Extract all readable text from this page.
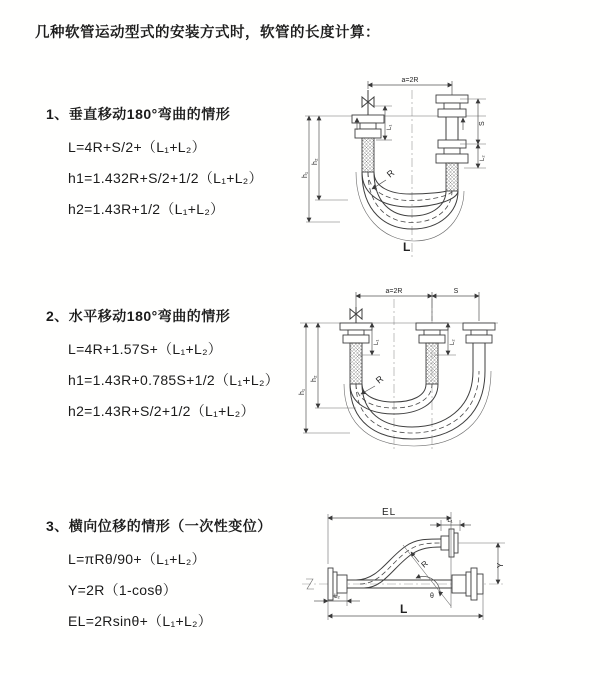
几种软管运动型式的安装方式时，软管的长度计算：
1、垂直移动180°弯曲的情形
L=4R+S/2+（L₁+L₂）
h1=1.432R+S/2+1/2（L₁+L₂）
h2=1.43R+1/2（L₁+L₂）
2、水平移动180°弯曲的情形
L=4R+1.57S+（L₁+L₂）
h1=1.43R+0.785S+1/2（L₁+L₂）
h2=1.43R+S/2+1/2（L₁+L₂）
3、横向位移的情形（一次性变位）
L=πRθ/90+（L₁+L₂）
Y=2R（1-cosθ）
EL=2Rsinθ+（L₁+L₂）
a=2R
L₁
S
L₂
h₁
h₂
R
L
a=2R	S
L₁	L₂
h₁
h₂	R
θ
R
EL
L₁
Y
L
L₂
